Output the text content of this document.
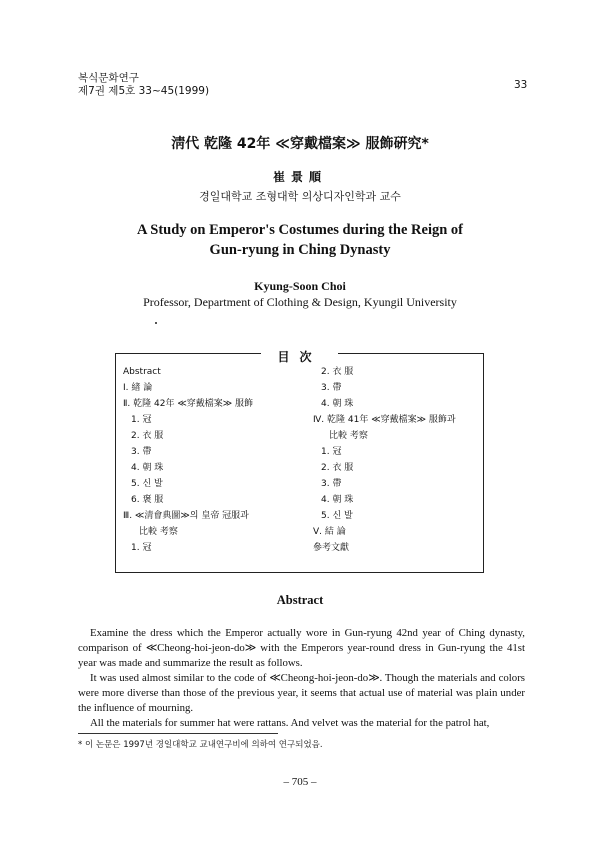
복식문화연구
제7권 제5호 33~45(1999)	33
淸代 乾隆 42年 ≪穿戴檔案≫ 服飾硏究*
崔景順
경일대학교 조형대학 의상디자인학과 교수
A Study on Emperor's Costumes during the Reign of
Gun-ryung in Ching Dynasty
Kyung-Soon Choi
Professor, Department of Clothing & Design, Kyungil University
目次
Abstract
Ⅰ. 緖 論
Ⅱ. 乾隆 42年 ≪穿戴檔案≫ 服飾
1. 冠
2. 衣 服
3. 帶
4. 朝 珠
5. 신 발
6. 褒 服
Ⅲ. ≪淸會典圖≫의 皇帝 冠服과
比較 考察
1. 冠
2. 衣 服
3. 帶
4. 朝 珠
Ⅳ. 乾隆 41年 ≪穿戴檔案≫ 服飾과
比較 考察
1. 冠
2. 衣 服
3. 帶
4. 朝 珠
5. 신 발
Ⅴ. 結 論
參考文獻
Abstract

Examine the dress which the Emperor actually wore in Gun-ryung 42nd year of Ching dynasty, comparison of ≪Cheong-hoi-jeon-do≫ with the Emperors year-round dress in Gun-ryung the 41st year was made and summarize the result as follows.

It was used almost similar to the code of ≪Cheong-hoi-jeon-do≫. Though the materials and colors were more diverse than those of the previous year, it seems that actual use of material was plain under the influence of mourning.

All the materials for summer hat were rattans. And velvet was the material for the patrol hat,

* 이 논문은 1997년 경일대학교 교내연구비에 의하여 연구되었음.
– 705 –
